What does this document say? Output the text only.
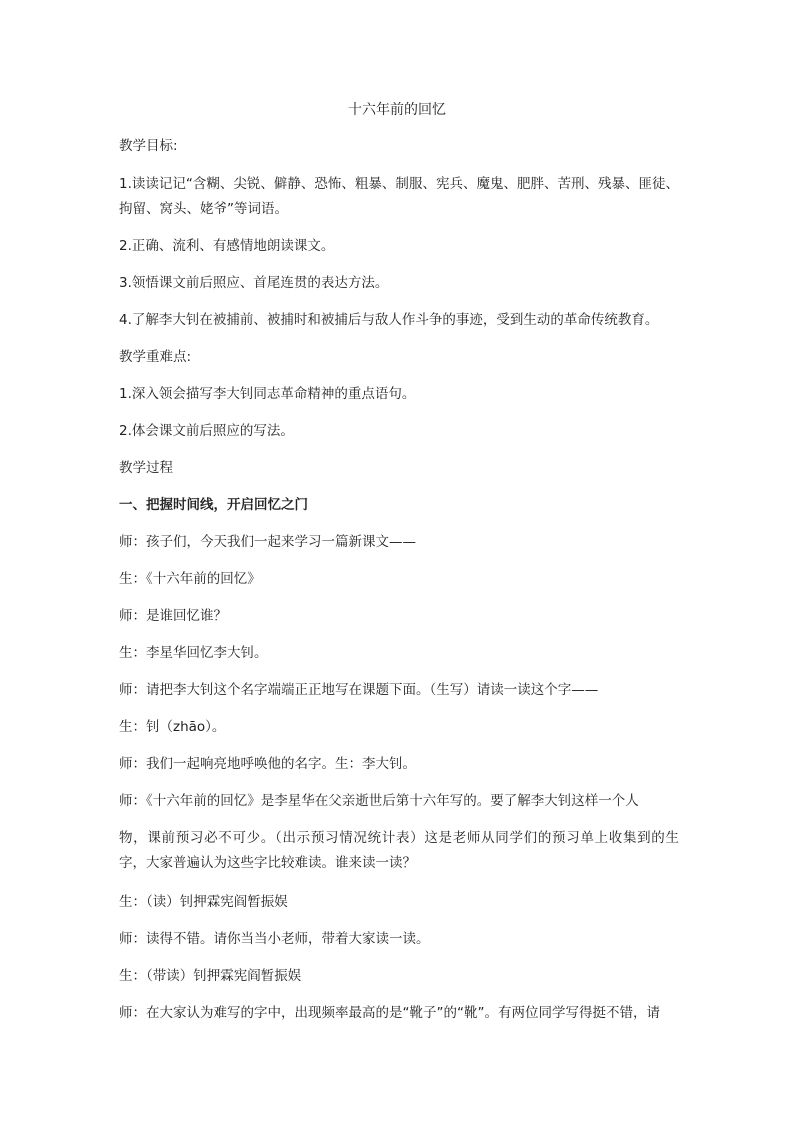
十六年前的回忆
教学目标:
1.读读记记“含糊、尖锐、僻静、恐怖、粗暴、制服、宪兵、魔鬼、肥胖、苦刑、残暴、匪徒、拘留、窝头、姥爷”等词语。
2.正确、流利、有感情地朗读课文。
3.领悟课文前后照应、首尾连贯的表达方法。
4.了解李大钊在被捕前、被捕时和被捕后与敌人作斗争的事迹，受到生动的革命传统教育。
教学重难点:
1.深入领会描写李大钊同志革命精神的重点语句。
2.体会课文前后照应的写法。
教学过程
一、把握时间线，开启回忆之门
师：孩子们，今天我们一起来学习一篇新课文——
生：《十六年前的回忆》
师：是谁回忆谁？
生：李星华回忆李大钊。
师：请把李大钊这个名字端端正正地写在课题下面。（生写）请读一读这个字——
生：钊（zhāo）。
师：我们一起响亮地呼唤他的名字。生：李大钊。
师：《十六年前的回忆》是李星华在父亲逝世后第十六年写的。要了解李大钊这样一个人
物，课前预习必不可少。（出示预习情况统计表）这是老师从同学们的预习单上收集到的生字，大家普遍认为这些字比较难读。谁来读一读？
生：（读）钊押霖宪阎暂振娱
师：读得不错。请你当当小老师，带着大家读一读。
生：（带读）钊押霖宪阎暂振娱
师：在大家认为难写的字中，出现频率最高的是“靴子”的“靴”。有两位同学写得挺不错，请
